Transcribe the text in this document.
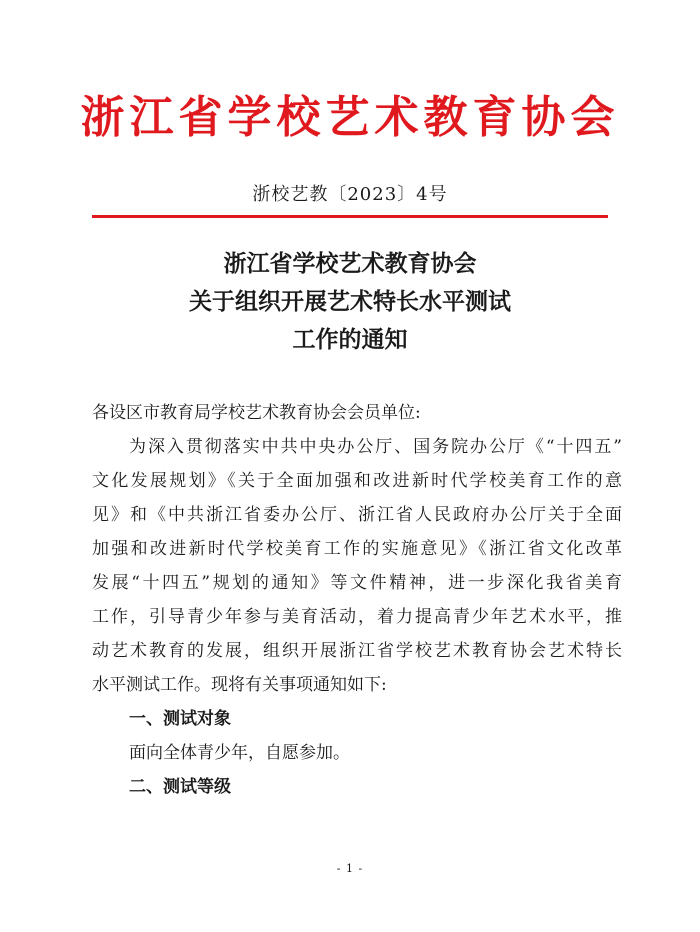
浙江省学校艺术教育协会
浙校艺教〔2023〕4号
浙江省学校艺术教育协会
关于组织开展艺术特长水平测试
工作的通知
各设区市教育局学校艺术教育协会会员单位:
为深入贯彻落实中共中央办公厅、国务院办公厅《“十四五”
文化发展规划》《关于全面加强和改进新时代学校美育工作的意
见》和《中共浙江省委办公厅、浙江省人民政府办公厅关于全面
加强和改进新时代学校美育工作的实施意见》《浙江省文化改革
发展“十四五”规划的通知》等文件精神，进一步深化我省美育
工作，引导青少年参与美育活动，着力提高青少年艺术水平，推
动艺术教育的发展，组织开展浙江省学校艺术教育协会艺术特长
水平测试工作。现将有关事项通知如下:
一、测试对象
面向全体青少年，自愿参加。
二、测试等级
- 1 -
